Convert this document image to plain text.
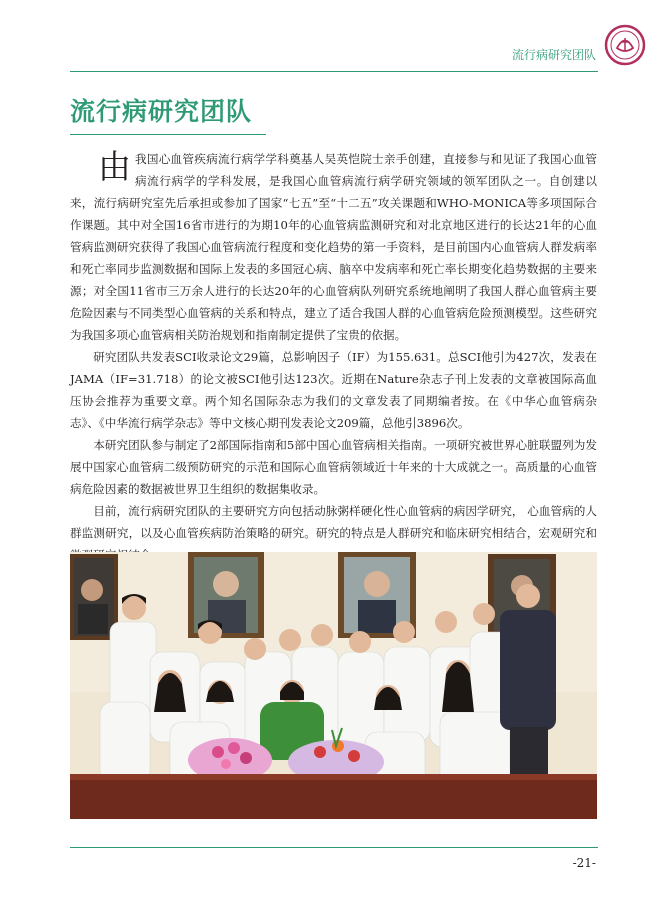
流行病研究团队
流行病研究团队

由我国心血管疾病流行病学学科奠基人吴英恺院士亲手创建，直接参与和见证了我国心血管病流行病学的学科发展，是我国心血管病流行病学研究领域的领军团队之一。自创建以来，流行病研究室先后承担或参加了国家“七五”至“十二五”攻关课题和WHO-MONICA等多项国际合作课题。其中对全国16省市进行的为期10年的心血管病监测研究和对北京地区进行的长达21年的心血管病监测研究获得了我国心血管病流行程度和变化趋势的第一手资料，是目前国内心血管病人群发病率和死亡率同步监测数据和国际上发表的多国冠心病、脑卒中发病率和死亡率长期变化趋势数据的主要来源；对全国11省市三万余人进行的长达20年的心血管病队列研究系统地阐明了我国人群心血管病主要危险因素与不同类型心血管病的关系和特点，建立了适合我国人群的心血管病危险预测模型。这些研究为我国多项心血管病相关防治规划和指南制定提供了宝贵的依据。

研究团队共发表SCI收录论文29篇，总影响因子（IF）为155.631。总SCI他引为427次，发表在JAMA（IF=31.718）的论文被SCI他引达123次。近期在Nature杂志子刊上发表的文章被国际高血压协会推荐为重要文章。两个知名国际杂志为我们的文章发表了同期编者按。在《中华心血管病杂志》、《中华流行病学杂志》等中文核心期刊发表论文209篇，总他引3896次。

本研究团队参与制定了2部国际指南和5部中国心血管病相关指南。一项研究被世界心脏联盟列为发展中国家心血管病二级预防研究的示范和国际心血管病领域近十年来的十大成就之一。高质量的心血管病危险因素的数据被世界卫生组织的数据集收录。

目前，流行病研究团队的主要研究方向包括动脉粥样硬化性心血管病的病因学研究， 心血管病的人群监测研究，以及心血管疾病防治策略的研究。研究的特点是人群研究和临床研究相结合，宏观研究和

-21-
